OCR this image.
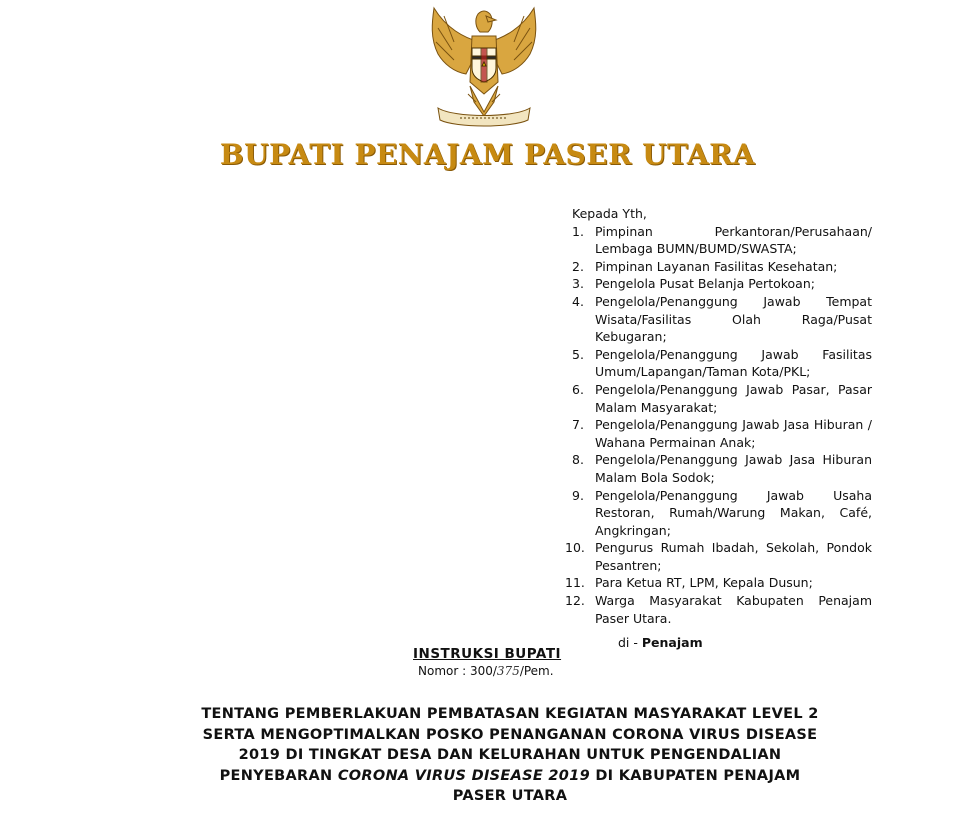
BUPATI PENAJAM PASER UTARA
Kepada Yth,
1. Pimpinan Perkantoran/Perusahaan/ Lembaga BUMN/BUMD/SWASTA;
2. Pimpinan Layanan Fasilitas Kesehatan;
3. Pengelola Pusat Belanja Pertokoan;
4. Pengelola/Penanggung Jawab Tempat Wisata/Fasilitas Olah Raga/Pusat Kebugaran;
5. Pengelola/Penanggung Jawab Fasilitas Umum/Lapangan/Taman Kota/PKL;
6. Pengelola/Penanggung Jawab Pasar, Pasar Malam Masyarakat;
7. Pengelola/Penanggung Jawab Jasa Hiburan / Wahana Permainan Anak;
8. Pengelola/Penanggung Jawab Jasa Hiburan Malam Bola Sodok;
9. Pengelola/Penanggung Jawab Usaha Restoran, Rumah/Warung Makan, Café, Angkringan;
10. Pengurus Rumah Ibadah, Sekolah, Pondok Pesantren;
11. Para Ketua RT, LPM, Kepala Dusun;
12. Warga Masyarakat Kabupaten Penajam Paser Utara.
di - Penajam
INSTRUKSI BUPATI
Nomor : 300/375/Pem.
TENTANG PEMBERLAKUAN PEMBATASAN KEGIATAN MASYARAKAT LEVEL 2
SERTA MENGOPTIMALKAN POSKO PENANGANAN CORONA VIRUS DISEASE
2019 DI TINGKAT DESA DAN KELURAHAN UNTUK PENGENDALIAN
PENYEBARAN CORONA VIRUS DISEASE 2019 DI KABUPATEN PENAJAM
PASER UTARA
